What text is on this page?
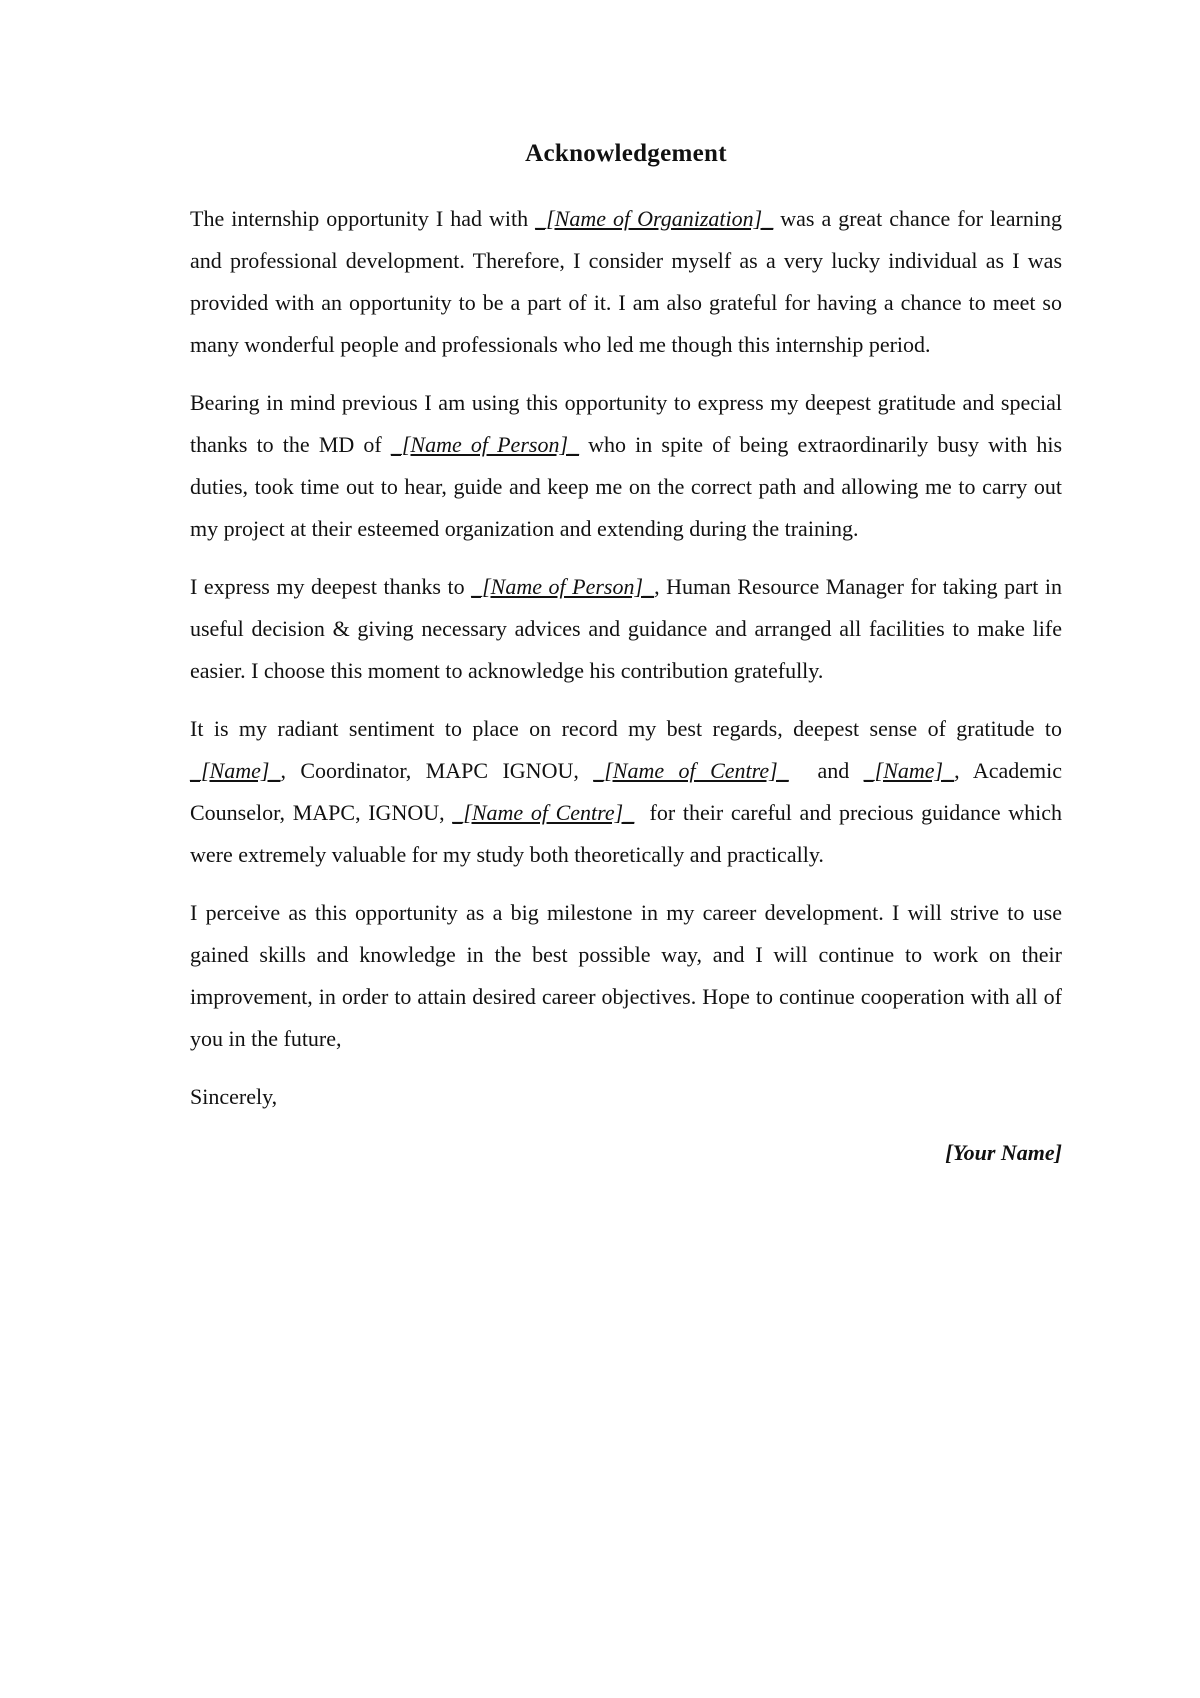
Acknowledgement

The internship opportunity I had with _[Name of Organization]_ was a great chance for learning and professional development. Therefore, I consider myself as a very lucky individual as I was provided with an opportunity to be a part of it. I am also grateful for having a chance to meet so many wonderful people and professionals who led me though this internship period.

Bearing in mind previous I am using this opportunity to express my deepest gratitude and special thanks to the MD of _[Name of Person]_ who in spite of being extraordinarily busy with his duties, took time out to hear, guide and keep me on the correct path and allowing me to carry out my project at their esteemed organization and extending during the training.

I express my deepest thanks to _[Name of Person]_, Human Resource Manager for taking part in useful decision & giving necessary advices and guidance and arranged all facilities to make life easier. I choose this moment to acknowledge his contribution gratefully.

It is my radiant sentiment to place on record my best regards, deepest sense of gratitude to _[Name]_, Coordinator, MAPC IGNOU, _[Name of Centre]_  and _[Name]_, Academic Counselor, MAPC, IGNOU, _[Name of Centre]_  for their careful and precious guidance which were extremely valuable for my study both theoretically and practically.

I perceive as this opportunity as a big milestone in my career development. I will strive to use gained skills and knowledge in the best possible way, and I will continue to work on their improvement, in order to attain desired career objectives. Hope to continue cooperation with all of you in the future,

Sincerely,

[Your Name]
